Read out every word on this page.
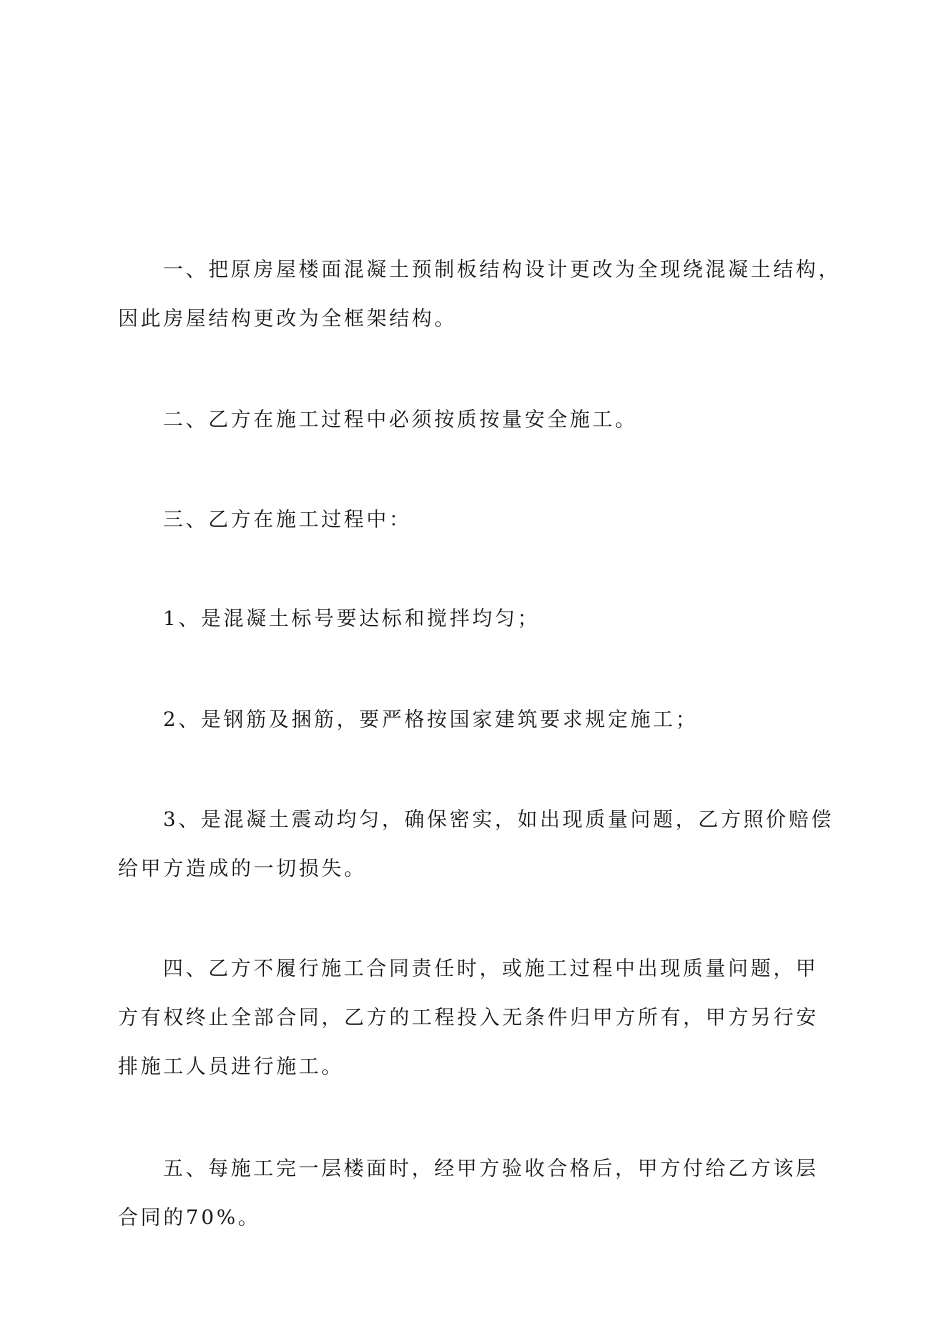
一、把原房屋楼面混凝土预制板结构设计更改为全现绕混凝土结构，
因此房屋结构更改为全框架结构。

二、乙方在施工过程中必须按质按量安全施工。

三、乙方在施工过程中：

1、是混凝土标号要达标和搅拌均匀；

2、是钢筋及捆筋，要严格按国家建筑要求规定施工；

3、是混凝土震动均匀，确保密实，如出现质量问题，乙方照价赔偿
给甲方造成的一切损失。

四、乙方不履行施工合同责任时，或施工过程中出现质量问题，甲
方有权终止全部合同，乙方的工程投入无条件归甲方所有，甲方另行安
排施工人员进行施工。

五、每施工完一层楼面时，经甲方验收合格后，甲方付给乙方该层
合同的70%。
